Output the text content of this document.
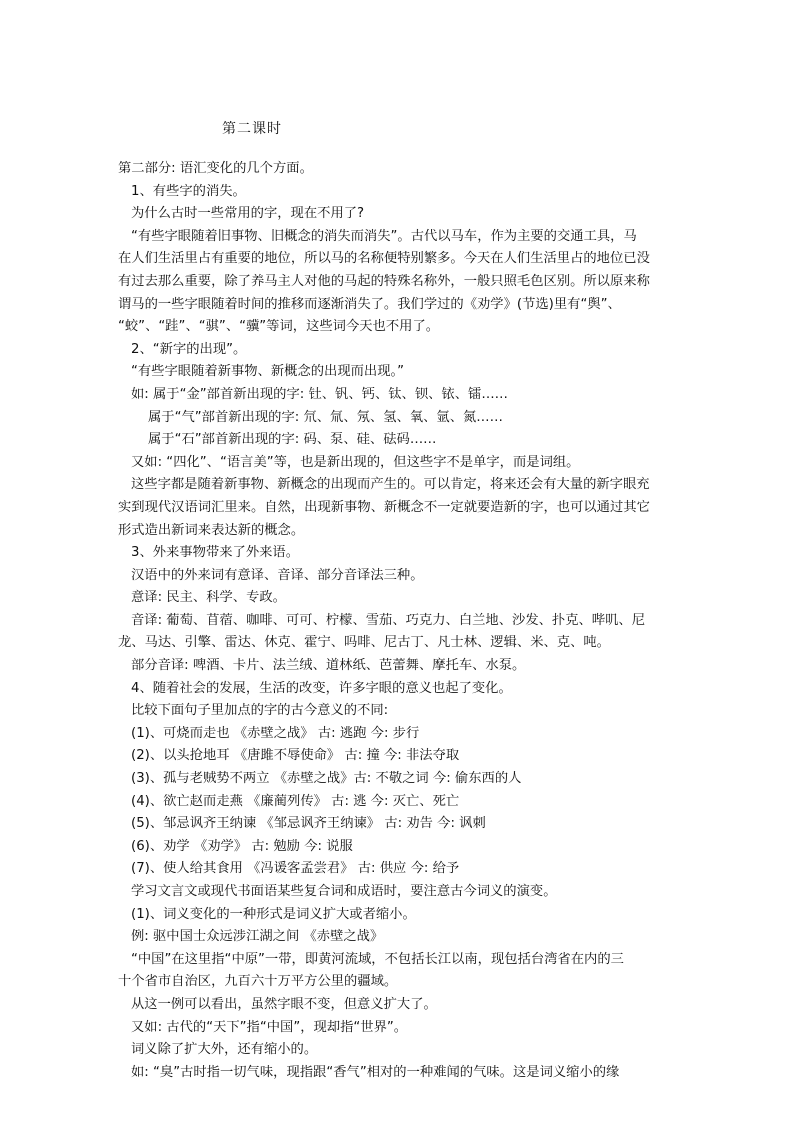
第二课时
第二部分: 语汇变化的几个方面。
1、有些字的消失。
为什么古时一些常用的字，现在不用了?
“有些字眼随着旧事物、旧概念的消失而消失”。古代以马车，作为主要的交通工具，马
在人们生活里占有重要的地位，所以马的名称便特别繁多。今天在人们生活里占的地位已没
有过去那么重要，除了养马主人对他的马起的特殊名称外，一般只照毛色区别。所以原来称
谓马的一些字眼随着时间的推移而逐渐消失了。我们学过的《劝学》(节选)里有“舆”、
“蛟”、“跬”、“骐”、“骥”等词，这些词今天也不用了。
2、“新字的出现”。
“有些字眼随着新事物、新概念的出现而出现。”
如: 属于“金”部首新出现的字: 钍、钒、钙、钛、钡、铱、镭……
属于“气”部首新出现的字: 氘、氚、氖、氢、氧、氩、氮……
属于“石”部首新出现的字: 码、泵、硅、砝码……
又如: “四化”、“语言美”等，也是新出现的，但这些字不是单字，而是词组。
这些字都是随着新事物、新概念的出现而产生的。可以肯定，将来还会有大量的新字眼充
实到现代汉语词汇里来。自然，出现新事物、新概念不一定就要造新的字，也可以通过其它
形式造出新词来表达新的概念。
3、外来事物带来了外来语。
汉语中的外来词有意译、音译、部分音译法三种。
意译: 民主、科学、专政。
音译: 葡萄、苜蓿、咖啡、可可、柠檬、雪茄、巧克力、白兰地、沙发、扑克、哔叽、尼
龙、马达、引擎、雷达、休克、霍宁、吗啡、尼古丁、凡士林、逻辑、米、克、吨。
部分音译: 啤酒、卡片、法兰绒、道林纸、芭蕾舞、摩托车、水泵。
4、随着社会的发展，生活的改变，许多字眼的意义也起了变化。
比较下面句子里加点的字的古今意义的不同:
(1)、可烧而走也 《赤壁之战》 古: 逃跑 今: 步行
(2)、以头抢地耳 《唐雎不辱使命》 古: 撞 今: 非法夺取
(3)、孤与老贼势不两立 《赤壁之战》古: 不敬之词 今: 偷东西的人
(4)、欲亡赵而走燕 《廉蔺列传》 古: 逃 今: 灭亡、死亡
(5)、邹忌讽齐王纳谏 《邹忌讽齐王纳谏》 古: 劝告 今: 讽刺
(6)、劝学 《劝学》 古: 勉励 今: 说服
(7)、使人给其食用 《冯谖客孟尝君》 古: 供应 今: 给予
学习文言文或现代书面语某些复合词和成语时，要注意古今词义的演变。
(1)、词义变化的一种形式是词义扩大或者缩小。
例: 驱中国士众远涉江湖之间 《赤壁之战》
“中国”在这里指“中原”一带，即黄河流域，不包括长江以南，现包括台湾省在内的三
十个省市自治区，九百六十万平方公里的疆域。
从这一例可以看出，虽然字眼不变，但意义扩大了。
又如: 古代的“天下”指“中国”，现却指“世界”。
词义除了扩大外，还有缩小的。
如: “臭”古时指一切气味，现指跟“香气”相对的一种难闻的气味。这是词义缩小的缘
